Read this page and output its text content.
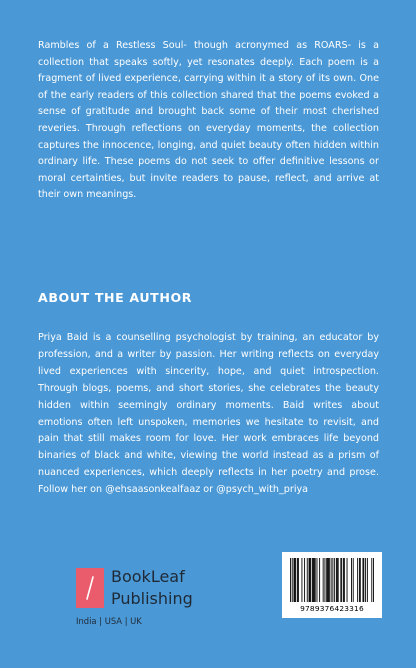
Rambles of a Restless Soul- though acronymed as ROARS- is a collection that speaks softly, yet resonates deeply. Each poem is a fragment of lived experience, carrying within it a story of its own. One of the early readers of this collection shared that the poems evoked a sense of gratitude and brought back some of their most cherished reveries. Through reflections on everyday moments, the collection captures the innocence, longing, and quiet beauty often hidden within ordinary life. These poems do not seek to offer definitive lessons or moral certainties, but invite readers to pause, reflect, and arrive at their own meanings.

ABOUT THE AUTHOR

Priya Baid is a counselling psychologist by training, an educator by profession, and a writer by passion. Her writing reflects on everyday lived experiences with sincerity, hope, and quiet introspection. Through blogs, poems, and short stories, she celebrates the beauty hidden within seemingly ordinary moments. Baid writes about emotions often left unspoken, memories we hesitate to revisit, and pain that still makes room for love. Her work embraces life beyond binaries of black and white, viewing the world instead as a prism of nuanced experiences, which deeply reflects in her poetry and prose. Follow her on @ehsaasonkealfaaz or @psych_with_priya

BookLeaf
Publishing
India | USA | UK
9789376423316
